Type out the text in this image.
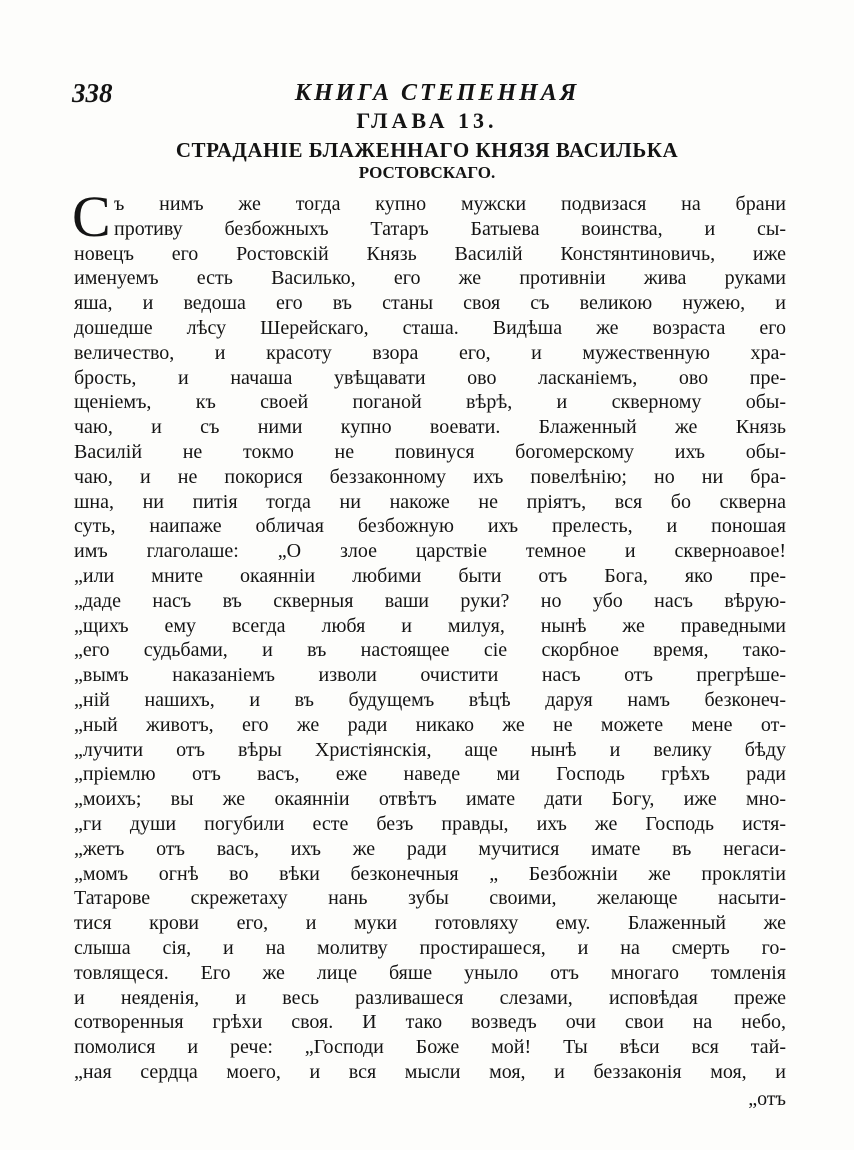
338	КНИГА СТЕПЕННАЯ
ГЛАВА 13.
СТРАДАНІЕ БЛАЖЕННАГО КНЯЗЯ ВАСИЛЬКА
РОСТОВСКАГО.
С ъ нимъ же тогда купно мужски подвизася на брани
противу безбожныхъ Татаръ Батыева воинства, и сы-
новецъ его Ростовскій Князь Василій Констянтиновичь, иже
именуемъ есть Василько, его же противніи жива руками
яша, и ведоша его въ станы своя съ великою нужею, и
дошедше лѣсу Шерейскаго, сташа. Видѣша же возраста его
величество, и красоту взора его, и мужественную хра-
брость, и начаша увѣщавати ово ласканіемъ, ово пре-
щеніемъ, къ своей поганой вѣрѣ, и скверному обы-
чаю, и съ ними купно воевати. Блаженный же Князь
Василій не токмо не повинуся богомерскому ихъ обы-
чаю, и не покорися беззаконному ихъ повелѣнію; но ни бра-
шна, ни питія тогда ни накоже не пріятъ, вся бо скверна
суть, наипаже обличая безбожную ихъ прелесть, и поношая
имъ глаголаше: „О злое царствіе темное и скверноавое!
„или мните окаянніи любими быти отъ Бога, яко пре-
„даде насъ въ скверныя ваши руки? но убо насъ вѣрую-
„щихъ ему всегда любя и милуя, нынѣ же праведными
„его судьбами, и въ настоящее сіе скорбное время, тако-
„вымъ наказаніемъ изволи очистити насъ отъ прегрѣше-
„ній нашихъ, и въ будущемъ вѣцѣ даруя намъ безконеч-
„ный животъ, его же ради никако же не можете мене от-
„лучити отъ вѣры Христіянскія, аще нынѣ и велику бѣду
„пріемлю отъ васъ, еже наведе ми Господь грѣхъ ради
„моихъ; вы же окаянніи отвѣтъ имате дати Богу, иже мно-
„ги души погубили есте безъ правды, ихъ же Господь истя-
„жетъ отъ васъ, ихъ же ради мучитися имате въ негаси-
„момъ огнѣ во вѣки безконечныя „ Безбожніи же проклятіи
Татарове скрежетаху нань зубы своими, желающе насыти-
тися крови его, и муки готовляху ему. Блаженный же
слыша сія, и на молитву простирашеся, и на смерть го-
товлящеся. Его же лице бяше уныло отъ многаго томленія
и неяденія, и весь разливашеся слезами, исповѣдая преже
сотворенныя грѣхи своя. И тако возведъ очи свои на небо,
помолися и рече: „Господи Боже мой! Ты вѣси вся тай-
„ная сердца моего, и вся мысли моя, и беззаконія моя, и
„отъ
